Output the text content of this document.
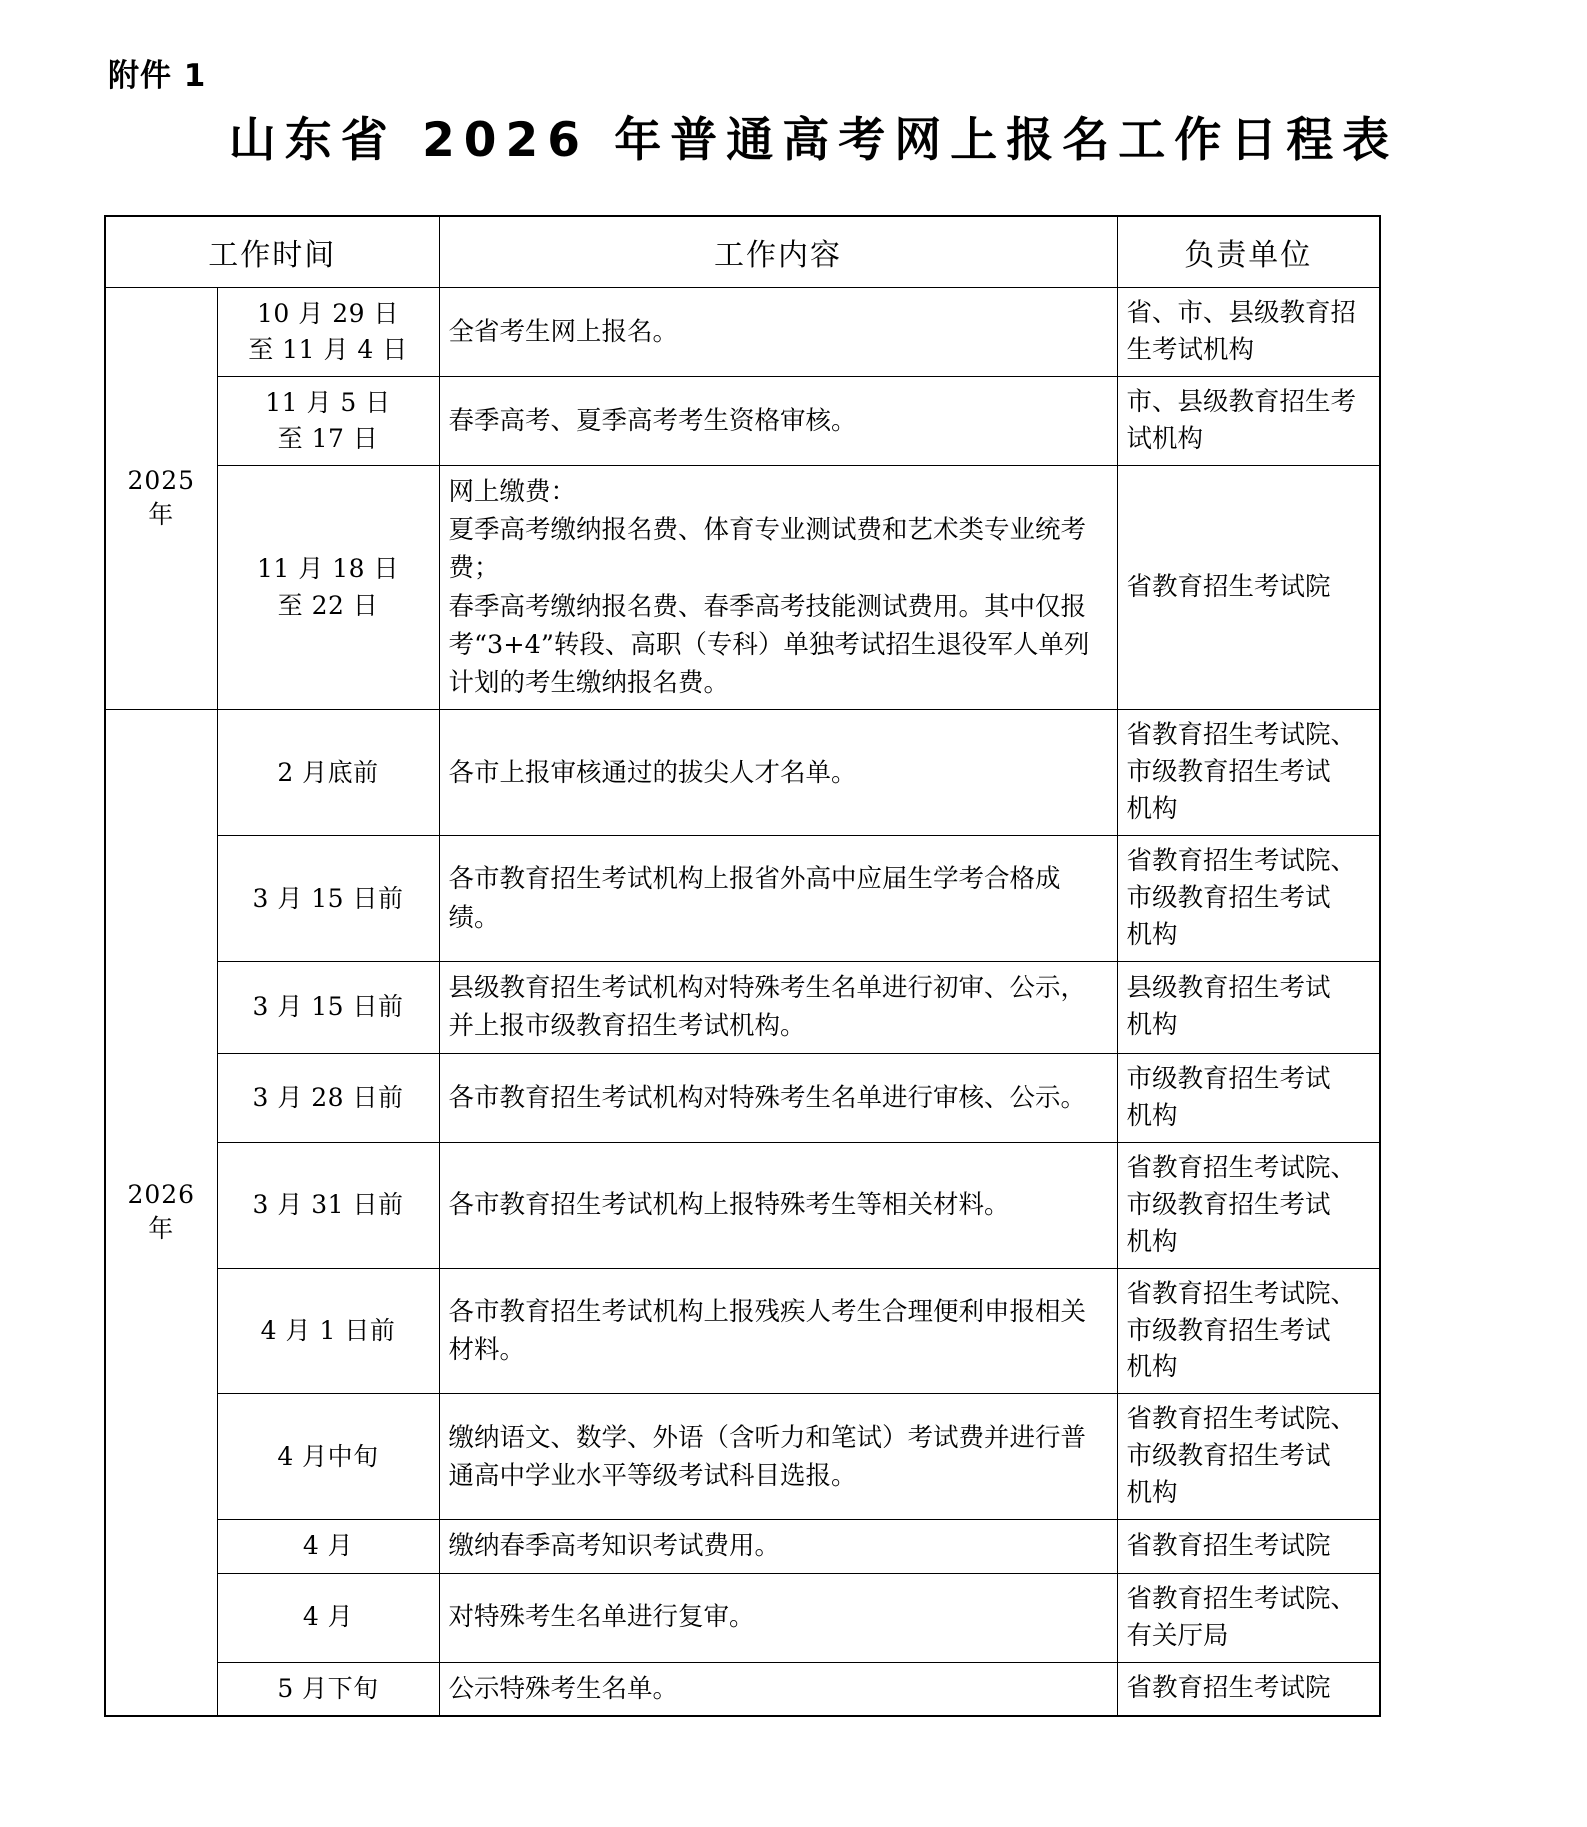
附件 1
山东省 2026 年普通高考网上报名工作日程表
工作时间		工作内容	负责单位
2025 年	10 月 29 日
至 11 月 4 日	全省考生网上报名。	省、市、县级教育招
生考试机构

	11 月 5 日
至 17 日	春季高考、夏季高考考生资格审核。	市、县级教育招生考
试机构

	11 月 18 日
至 22 日	网上缴费：
夏季高考缴纳报名费、体育专业测试费和艺术类专业统考费；
春季高考缴纳报名费、春季高考技能测试费用。其中仅报考“3+4”转段、高职（专科）单独考试招生退役军人单列计划的考生缴纳报名费。	省教育招生考试院

2026 年	2 月底前	各市上报审核通过的拔尖人才名单。	省教育招生考试院、
市级教育招生考试
机构

	3 月 15 日前	各市教育招生考试机构上报省外高中应届生学考合格成绩。	省教育招生考试院、
市级教育招生考试
机构

	3 月 15 日前	县级教育招生考试机构对特殊考生名单进行初审、公示，并上报市级教育招生考试机构。	县级教育招生考试
机构

	3 月 28 日前	各市教育招生考试机构对特殊考生名单进行审核、公示。	市级教育招生考试
机构

	3 月 31 日前	各市教育招生考试机构上报特殊考生等相关材料。	省教育招生考试院、
市级教育招生考试
机构

	4 月 1 日前	各市教育招生考试机构上报残疾人考生合理便利申报相关材料。	省教育招生考试院、
市级教育招生考试
机构

	4 月中旬	缴纳语文、数学、外语（含听力和笔试）考试费并进行普通高中学业水平等级考试科目选报。	省教育招生考试院、
市级教育招生考试
机构

	4 月	缴纳春季高考知识考试费用。	省教育招生考试院

	4 月	对特殊考生名单进行复审。	省教育招生考试院、
有关厅局

	5 月下旬	公示特殊考生名单。	省教育招生考试院
